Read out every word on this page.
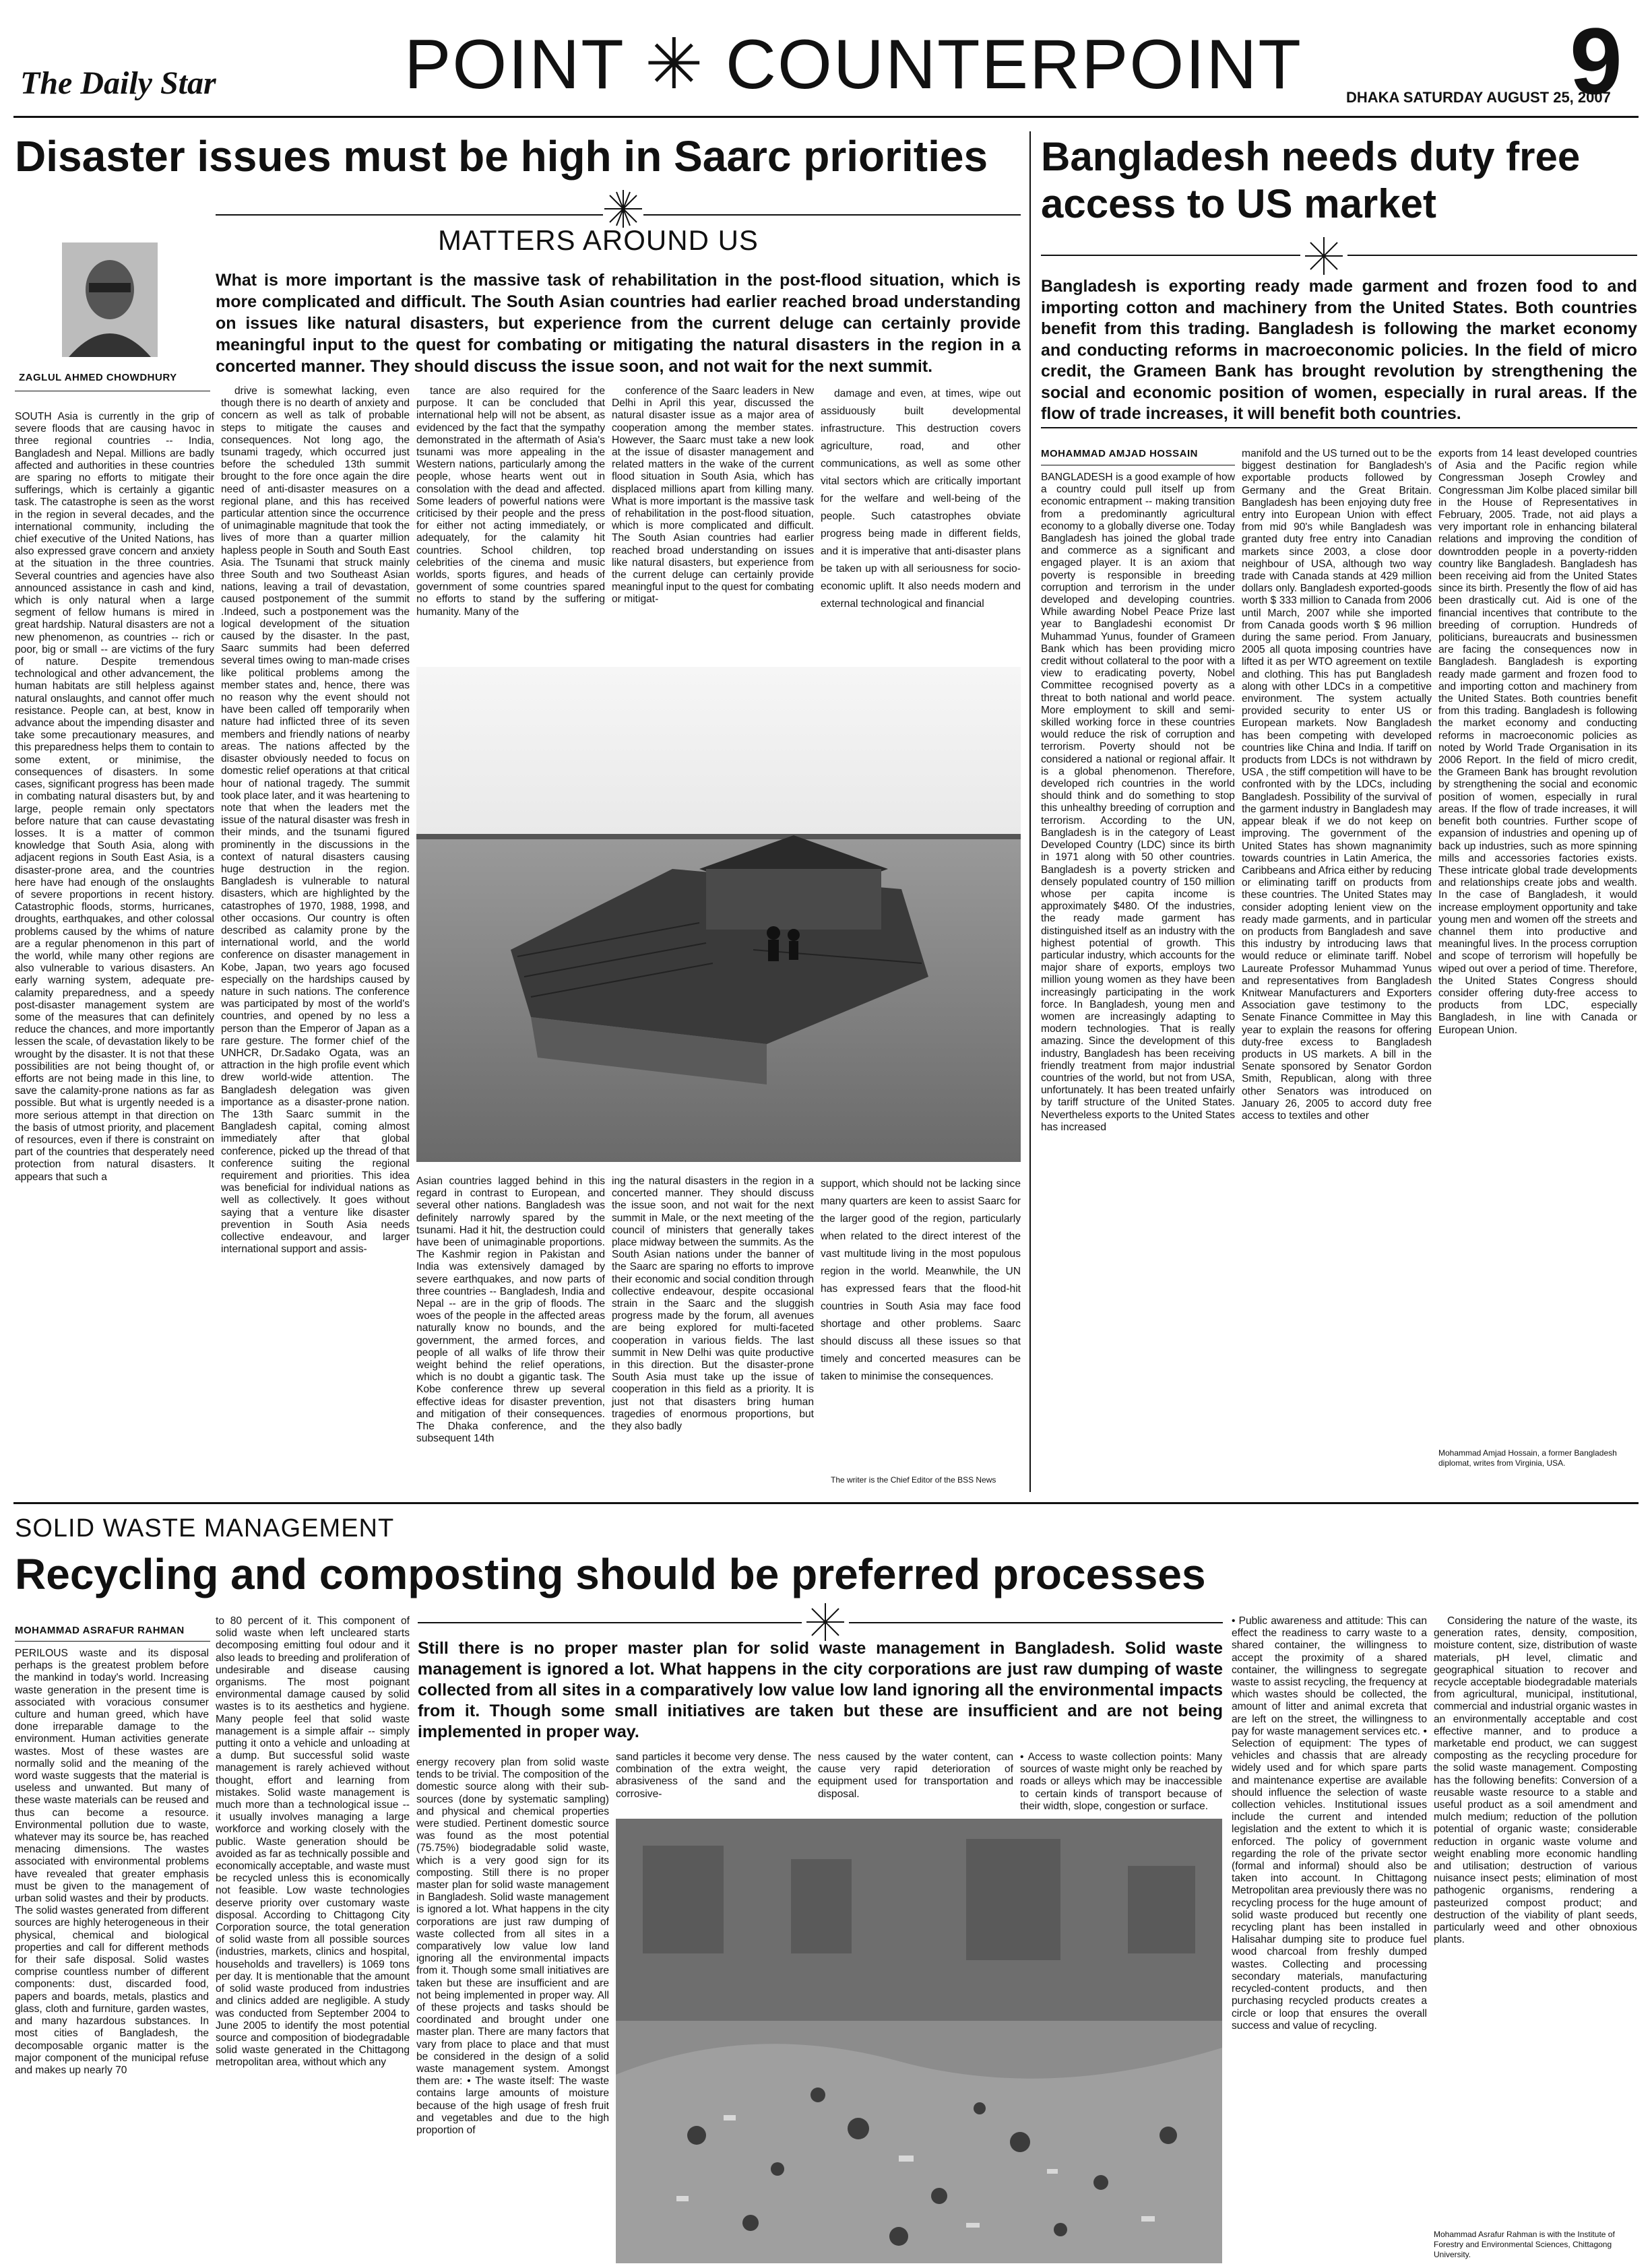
The Daily Star	POINT ✳ COUNTERPOINT	DHAKA SATURDAY AUGUST 25, 2007
9
Disaster issues must be high in Saarc priorities
MATTERS AROUND US
ZAGLUL AHMED CHOWDHURY
What is more important is the massive task of rehabilitation in the post-flood situation, which is more complicated and difficult. The South Asian countries had earlier reached broad understanding on issues like natural disasters, but experience from the current deluge can certainly provide meaningful input to the quest for combating or mitigating the natural disasters in the region in a concerted manner. They should discuss the issue soon, and not wait for the next summit.

SOUTH Asia is currently in the grip of severe floods that are causing havoc in three regional countries -- India, Bangladesh and Nepal. Millions are badly affected and authorities in these countries are sparing no efforts to mitigate their sufferings, which is certainly a gigantic task. The catastrophe is seen as the worst in the region in several decades, and the international community, including the chief executive of the United Nations, has also expressed grave concern and anxiety at the situation in the three countries. Several countries and agencies have also announced assistance in cash and kind, which is only natural when a large segment of fellow humans is mired in great hardship. Natural disasters are not a new phenomenon, as countries -- rich or poor, big or small -- are victims of the fury of nature. Despite tremendous technological and other advancement, the human habitats are still helpless against natural onslaughts, and cannot offer much resistance. People can, at best, know in advance about the impending disaster and take some precautionary measures, and this preparedness helps them to contain to some extent, or minimise, the consequences of disasters. In some cases, significant progress has been made in combating natural disasters but, by and large, people remain only spectators before nature that can cause devastating losses. It is a matter of common knowledge that South Asia, along with adjacent regions in South East Asia, is a disaster-prone area, and the countries here have had enough of the onslaughts of severe proportions in recent history. Catastrophic floods, storms, hurricanes, droughts, earthquakes, and other colossal problems caused by the whims of nature are a regular phenomenon in this part of the world, while many other regions are also vulnerable to various disasters. An early warning system, adequate pre-calamity preparedness, and a speedy post-disaster management system are some of the measures that can definitely reduce the chances, and more importantly lessen the scale, of devastation likely to be wrought by the disaster. It is not that these possibilities are not being thought of, or efforts are not being made in this line, to save the calamity-prone nations as far as possible. But what is urgently needed is a more serious attempt in that direction on the basis of utmost priority, and placement of resources, even if there is constraint on part of the countries that desperately need protection from natural disasters. It appears that such a

drive is somewhat lacking, even though there is no dearth of anxiety and concern as well as talk of probable steps to mitigate the causes and consequences. Not long ago, the tsunami tragedy, which occurred just before the scheduled 13th summit brought to the fore once again the dire need of anti-disaster measures on a regional plane, and this has received particular attention since the occurrence of unimaginable magnitude that took the lives of more than a quarter million hapless people in South and South East Asia. The Tsunami that struck mainly three South and two Southeast Asian nations, leaving a trail of devastation, caused postponement of the summit .Indeed, such a postponement was the logical development of the situation caused by the disaster. In the past, Saarc summits had been deferred several times owing to man-made crises like political problems among the member states and, hence, there was no reason why the event should not have been called off temporarily when nature had inflicted three of its seven members and friendly nations of nearby areas. The nations affected by the disaster obviously needed to focus on domestic relief operations at that critical hour of national tragedy. The summit took place later, and it was heartening to note that when the leaders met the issue of the natural disaster was fresh in their minds, and the tsunami figured prominently in the discussions in the context of natural disasters causing huge destruction in the region. Bangladesh is vulnerable to natural disasters, which are highlighted by the catastrophes of 1970, 1988, 1998, and other occasions. Our country is often described as calamity prone by the international world, and the world conference on disaster management in Kobe, Japan, two years ago focused especially on the hardships caused by nature in such nations. The conference was participated by most of the world's countries, and opened by no less a person than the Emperor of Japan as a rare gesture. The former chief of the UNHCR, Dr.Sadako Ogata, was an attraction in the high profile event which drew world-wide attention. The Bangladesh delegation was given importance as a disaster-prone nation. The 13th Saarc summit in the Bangladesh capital, coming almost immediately after that global conference, picked up the thread of that conference suiting the regional requirement and priorities. This idea was beneficial for individual nations as well as collectively. It goes without saying that a venture like disaster prevention in South Asia needs collective endeavour, and larger international support and assis-

tance are also required for the purpose. It can be concluded that international help will not be absent, as evidenced by the fact that the sympathy demonstrated in the aftermath of Asia's tsunami was more appealing in the Western nations, particularly among the people, whose hearts went out in consolation with the dead and affected. Some leaders of powerful nations were criticised by their people and the press for either not acting immediately, or adequately, for the calamity hit countries. School children, top celebrities of the cinema and music worlds, sports figures, and heads of government of some countries spared no efforts to stand by the suffering humanity. Many of the

conference of the Saarc leaders in New Delhi in April this year, discussed the natural disaster issue as a major area of cooperation among the member states. However, the Saarc must take a new look at the issue of disaster management and related matters in the wake of the current flood situation in South Asia, which has displaced millions apart from killing many. What is more important is the massive task of rehabilitation in the post-flood situation, which is more complicated and difficult. The South Asian countries had earlier reached broad understanding on issues like natural disasters, but experience from the current deluge can certainly provide meaningful input to the quest for combating or mitigat-

damage and even, at times, wipe out assiduously built developmental infrastructure. This destruction covers agriculture, road, and other communications, as well as some other vital sectors which are critically important for the welfare and well-being of the people. Such catastrophes obviate progress being made in different fields, and it is imperative that anti-disaster plans be taken up with all seriousness for socio-economic uplift. It also needs modern and external technological and financial

Asian countries lagged behind in this regard in contrast to European, and several other nations. Bangladesh was definitely narrowly spared by the tsunami. Had it hit, the destruction could have been of unimaginable proportions. The Kashmir region in Pakistan and India was extensively damaged by severe earthquakes, and now parts of three countries -- Bangladesh, India and Nepal -- are in the grip of floods. The woes of the people in the affected areas naturally know no bounds, and the government, the armed forces, and people of all walks of life throw their weight behind the relief operations, which is no doubt a gigantic task. The Kobe conference threw up several effective ideas for disaster prevention, and mitigation of their consequences. The Dhaka conference, and the subsequent 14th

ing the natural disasters in the region in a concerted manner. They should discuss the issue soon, and not wait for the next summit in Male, or the next meeting of the council of ministers that generally takes place midway between the summits. As the South Asian nations under the banner of the Saarc are sparing no efforts to improve their economic and social condition through collective endeavour, despite occasional strain in the Saarc and the sluggish progress made by the forum, all avenues are being explored for multi-faceted cooperation in various fields. The last summit in New Delhi was quite productive in this direction. But the disaster-prone South Asia must take up the issue of cooperation in this field as a priority. It is just not that disasters bring human tragedies of enormous proportions, but they also badly

support, which should not be lacking since many quarters are keen to assist Saarc for the larger good of the region, particularly when related to the direct interest of the vast multitude living in the most populous region in the world. Meanwhile, the UN has expressed fears that the flood-hit countries in South Asia may face food shortage and other problems. Saarc should discuss all these issues so that timely and concerted measures can be taken to minimise the consequences.

The writer is the Chief Editor of the BSS News
Bangladesh needs duty free access to US market
Bangladesh is exporting ready made garment and frozen food to and importing cotton and machinery from the United States. Both countries benefit from this trading. Bangladesh is following the market economy and conducting reforms in macroeconomic policies. In the field of micro credit, the Grameen Bank has brought revolution by strengthening the social and economic position of women, especially in rural areas. If the flow of trade increases, it will benefit both countries.
MOHAMMAD AMJAD HOSSAIN

BANGLADESH is a good example of how a country could pull itself up from economic entrapment -- making transition from a predominantly agricultural economy to a globally diverse one. Today Bangladesh has joined the global trade and commerce as a significant and engaged player. It is an axiom that poverty is responsible in breeding corruption and terrorism in the under developed and developing countries. While awarding Nobel Peace Prize last year to Bangladeshi economist Dr Muhammad Yunus, founder of Grameen Bank which has been providing micro credit without collateral to the poor with a view to eradicating poverty, Nobel Committee recognised poverty as a threat to both national and world peace. More employment to skill and semi-skilled working force in these countries would reduce the risk of corruption and terrorism. Poverty should not be considered a national or regional affair. It is a global phenomenon. Therefore, developed rich countries in the world should think and do something to stop this unhealthy breeding of corruption and terrorism. According to the UN, Bangladesh is in the category of Least Developed Country (LDC) since its birth in 1971 along with 50 other countries. Bangladesh is a poverty stricken and densely populated country of 150 million whose per capita income is approximately $480. Of the industries, the ready made garment has distinguished itself as an industry with the highest potential of growth. This particular industry, which accounts for the major share of exports, employs two million young women as they have been increasingly participating in the work force. In Bangladesh, young men and women are increasingly adapting to modern technologies. That is really amazing. Since the development of this industry, Bangladesh has been receiving friendly treatment from major industrial countries of the world, but not from USA, unfortunately. It has been treated unfairly by tariff structure of the United States. Nevertheless exports to the United States has increased

manifold and the US turned out to be the biggest destination for Bangladesh's exportable products followed by Germany and the Great Britain. Bangladesh has been enjoying duty free entry into European Union with effect from mid 90's while Bangladesh was granted duty free entry into Canadian markets since 2003, a close door neighbour of USA, although two way trade with Canada stands at 429 million dollars only. Bangladesh exported-goods worth $ 333 million to Canada from 2006 until March, 2007 while she imported from Canada goods worth $ 96 million during the same period. From January, 2005 all quota imposing countries have lifted it as per WTO agreement on textile and clothing. This has put Bangladesh along with other LDCs in a competitive environment. The system actually provided security to enter US or European markets. Now Bangladesh has been competing with developed countries like China and India. If tariff on products from LDCs is not withdrawn by USA , the stiff competition will have to be confronted with by the LDCs, including Bangladesh. Possibility of the survival of the garment industry in Bangladesh may appear bleak if we do not keep on improving. The government of the United States has shown magnanimity towards countries in Latin America, the Caribbeans and Africa either by reducing or eliminating tariff on products from these countries. The United States may consider adopting lenient view on the ready made garments, and in particular on products from Bangladesh and save this industry by introducing laws that would reduce or eliminate tariff. Nobel Laureate Professor Muhammad Yunus and representatives from Bangladesh Knitwear Manufacturers and Exporters Association gave testimony to the Senate Finance Committee in May this year to explain the reasons for offering duty-free excess to Bangladesh products in US markets. A bill in the Senate sponsored by Senator Gordon Smith, Republican, along with three other Senators was introduced on January 26, 2005 to accord duty free access to textiles and other

exports from 14 least developed countries of Asia and the Pacific region while Congressman Joseph Crowley and Congressman Jim Kolbe placed similar bill in the House of Representatives in February, 2005. Trade, not aid plays a very important role in enhancing bilateral relations and improving the condition of downtrodden people in a poverty-ridden country like Bangladesh. Bangladesh has been receiving aid from the United States since its birth. Presently the flow of aid has been drastically cut. Aid is one of the financial incentives that contribute to the breeding of corruption. Hundreds of politicians, bureaucrats and businessmen are facing the consequences now in Bangladesh. Bangladesh is exporting ready made garment and frozen food to and importing cotton and machinery from the United States. Both countries benefit from this trading. Bangladesh is following the market economy and conducting reforms in macroeconomic policies as noted by World Trade Organisation in its 2006 Report. In the field of micro credit, the Grameen Bank has brought revolution by strengthening the social and economic position of women, especially in rural areas. If the flow of trade increases, it will benefit both countries. Further scope of expansion of industries and opening up of back up industries, such as more spinning mills and accessories factories exists. These intricate global trade developments and relationships create jobs and wealth. In the case of Bangladesh, it would increase employment opportunity and take young men and women off the streets and channel them into productive and meaningful lives. In the process corruption and scope of terrorism will hopefully be wiped out over a period of time. Therefore, the United States Congress should consider offering duty-free access to products from LDC, especially Bangladesh, in line with Canada or European Union.

Mohammad Amjad Hossain, a former Bangladesh diplomat, writes from Virginia, USA.
SOLID WASTE MANAGEMENT
Recycling and composting should be preferred processes
Still there is no proper master plan for solid waste management in Bangladesh. Solid waste management is ignored a lot. What happens in the city corporations are just raw dumping of waste collected from all sites in a comparatively low value low land ignoring all the environmental impacts from it. Though some small initiatives are taken but these are insufficient and are not being implemented in proper way.
MOHAMMAD ASRAFUR RAHMAN

PERILOUS waste and its disposal perhaps is the greatest problem before the mankind in today's world. Increasing waste generation in the present time is associated with voracious consumer culture and human greed, which have done irreparable damage to the environment. Human activities generate wastes. Most of these wastes are normally solid and the meaning of the word waste suggests that the material is useless and unwanted. But many of these waste materials can be reused and thus can become a resource. Environmental pollution due to waste, whatever may its source be, has reached menacing dimensions. The wastes associated with environmental problems have revealed that greater emphasis must be given to the management of urban solid wastes and their by products. The solid wastes generated from different sources are highly heterogeneous in their physical, chemical and biological properties and call for different methods for their safe disposal. Solid wastes comprise countless number of different components: dust, discarded food, papers and boards, metals, plastics and glass, cloth and furniture, garden wastes, and many hazardous substances. In most cities of Bangladesh, the decomposable organic matter is the major component of the municipal refuse and makes up nearly 70

to 80 percent of it. This component of solid waste when left uncleared starts decomposing emitting foul odour and it also leads to breeding and proliferation of undesirable and disease causing organisms. The most poignant environmental damage caused by solid wastes is to its aesthetics and hygiene. Many people feel that solid waste management is a simple affair -- simply putting it onto a vehicle and unloading at a dump. But successful solid waste management is rarely achieved without thought, effort and learning from mistakes. Solid waste management is much more than a technological issue -- it usually involves managing a large workforce and working closely with the public. Waste generation should be avoided as far as technically possible and economically acceptable, and waste must be recycled unless this is economically not feasible. Low waste technologies deserve priority over customary waste disposal. According to Chittagong City Corporation source, the total generation of solid waste from all possible sources (industries, markets, clinics and hospital, households and travellers) is 1069 tons per day. It is mentionable that the amount of solid waste produced from industries and clinics added are negligible. A study was conducted from September 2004 to June 2005 to identify the most potential source and composition of biodegradable solid waste generated in the Chittagong metropolitan area, without which any

energy recovery plan from solid waste tends to be trivial. The composition of the domestic source along with their sub-sources (done by systematic sampling) and physical and chemical properties were studied. Pertinent domestic source was found as the most potential (75.75%) biodegradable solid waste, which is a very good sign for its composting. Still there is no proper master plan for solid waste management in Bangladesh. Solid waste management is ignored a lot. What happens in the city corporations are just raw dumping of waste collected from all sites in a comparatively low value low land ignoring all the environmental impacts from it. Though some small initiatives are taken but these are insufficient and are not being implemented in proper way. All of these projects and tasks should be coordinated and brought under one master plan. There are many factors that vary from place to place and that must be considered in the design of a solid waste management system. Amongst them are: • The waste itself: The waste contains large amounts of moisture because of the high usage of fresh fruit and vegetables and due to the high proportion of

sand particles it become very dense. The combination of the extra weight, the abrasiveness of the sand and the corrosive-

ness caused by the water content, can cause very rapid deterioration of equipment used for transportation and disposal.

• Access to waste collection points: Many sources of waste might only be reached by roads or alleys which may be inaccessible to certain kinds of transport because of their width, slope, congestion or surface.

• Public awareness and attitude: This can effect the readiness to carry waste to a shared container, the willingness to accept the proximity of a shared container, the willingness to segregate waste to assist recycling, the frequency at which wastes should be collected, the amount of litter and animal excreta that are left on the street, the willingness to pay for waste management services etc. • Selection of equipment: The types of vehicles and chassis that are already widely used and for which spare parts and maintenance expertise are available should influence the selection of waste collection vehicles. Institutional issues include the current and intended legislation and the extent to which it is enforced. The policy of government regarding the role of the private sector (formal and informal) should also be taken into account. In Chittagong Metropolitan area previously there was no recycling process for the huge amount of solid waste produced but recently one recycling plant has been installed in Halisahar dumping site to produce fuel wood charcoal from freshly dumped wastes. Collecting and processing secondary materials, manufacturing recycled-content products, and then purchasing recycled products creates a circle or loop that ensures the overall success and value of recycling.

Considering the nature of the waste, its generation rates, density, composition, moisture content, size, distribution of waste materials, pH level, climatic and geographical situation to recover and recycle acceptable biodegradable materials from agricultural, municipal, institutional, commercial and industrial organic wastes in an environmentally acceptable and cost effective manner, and to produce a marketable end product, we can suggest composting as the recycling procedure for the solid waste management. Composting has the following benefits: Conversion of a reusable waste resource to a stable and useful product as a soil amendment and mulch medium; reduction of the pollution potential of organic waste; considerable reduction in organic waste volume and weight enabling more economic handling and utilisation; destruction of various nuisance insect pests; elimination of most pathogenic organisms, rendering a pasteurized compost product; and destruction of the viability of plant seeds, particularly weed and other obnoxious plants.

Mohammad Asrafur Rahman is with the Institute of Forestry and Environmental Sciences, Chittagong University.
